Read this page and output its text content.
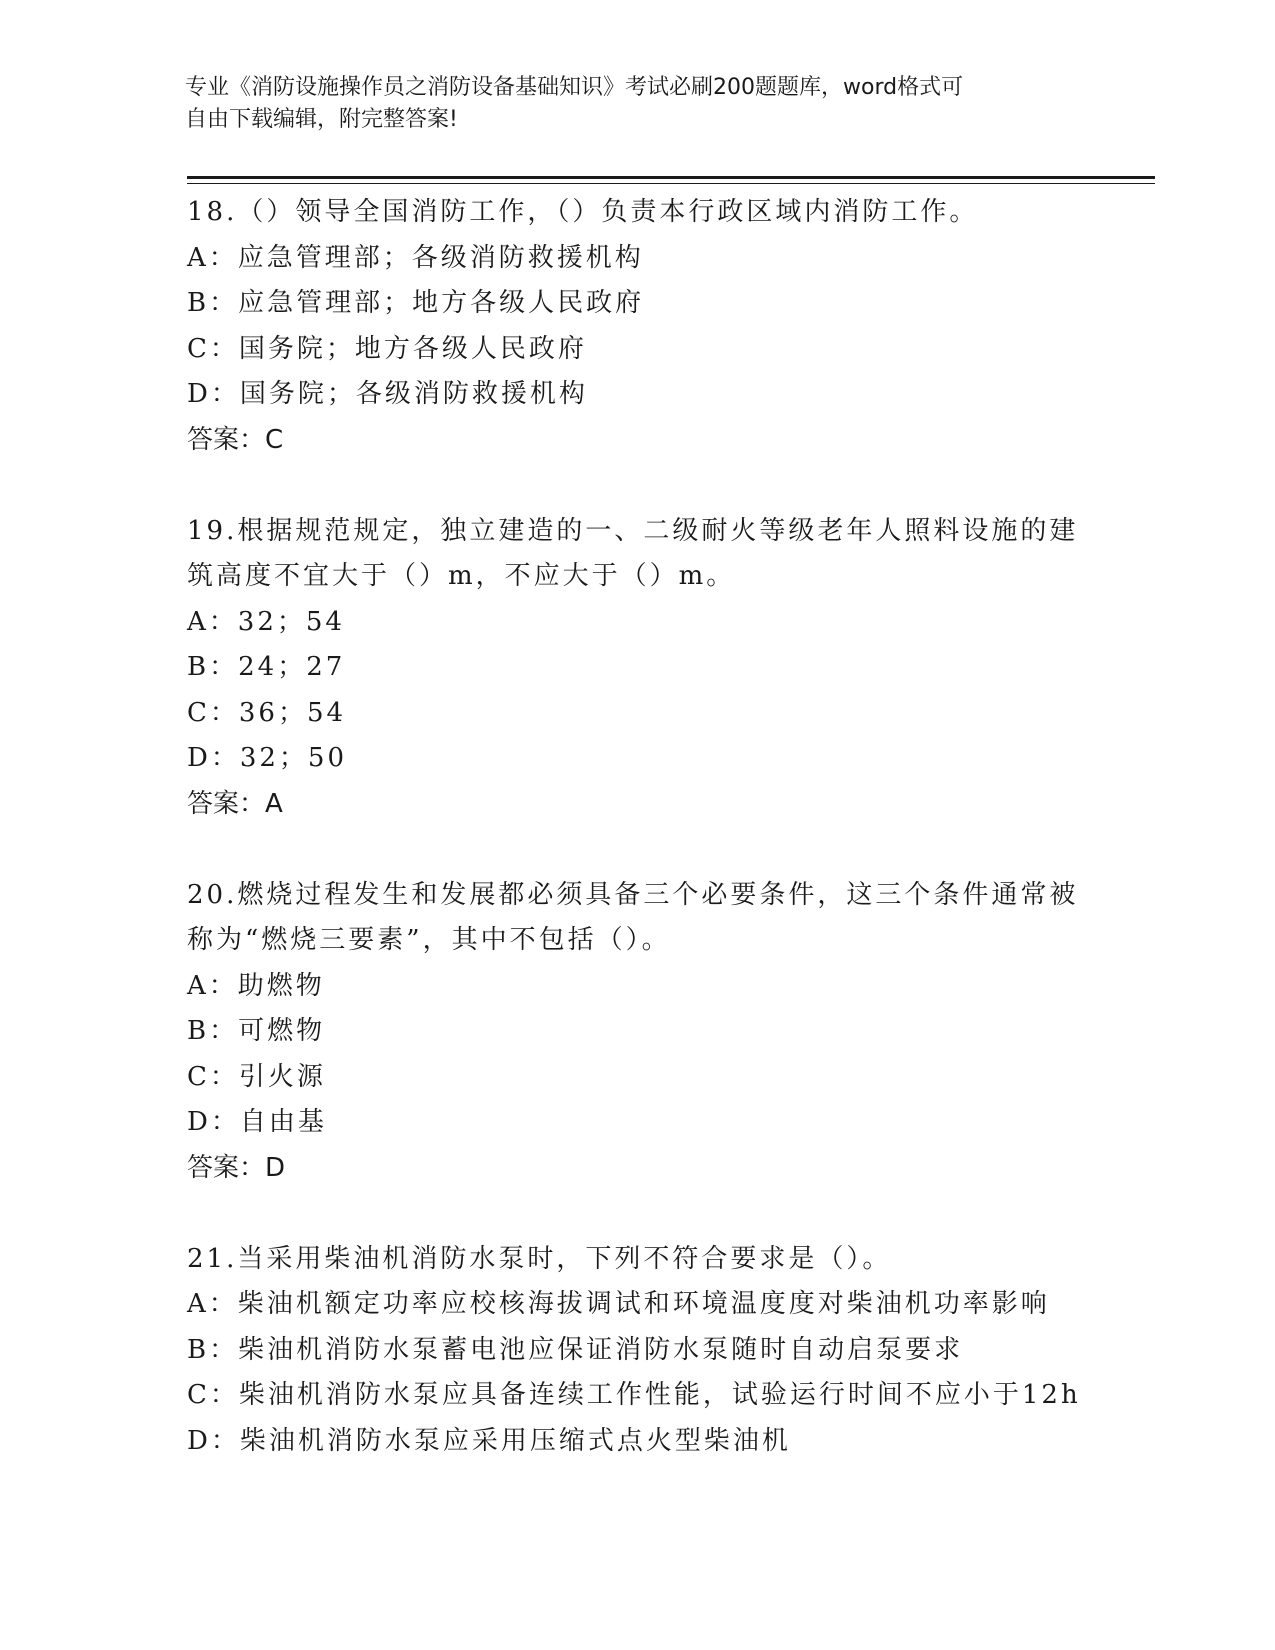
专业《消防设施操作员之消防设备基础知识》考试必刷200题题库，word格式可
自由下载编辑，附完整答案!

18.（）领导全国消防工作，（）负责本行政区域内消防工作。

A：应急管理部；各级消防救援机构

B：应急管理部；地方各级人民政府

C：国务院；地方各级人民政府

D：国务院；各级消防救援机构

答案：C

19.根据规范规定，独立建造的一、二级耐火等级老年人照料设施的建

筑高度不宜大于（）m，不应大于（）m。

A：32；54

B：24；27

C：36；54

D：32；50

答案：A

20.燃烧过程发生和发展都必须具备三个必要条件，这三个条件通常被

称为“燃烧三要素”，其中不包括（）。

A：助燃物

B：可燃物

C：引火源

D：自由基

答案：D

21.当采用柴油机消防水泵时，下列不符合要求是（）。

A：柴油机额定功率应校核海拔调试和环境温度度对柴油机功率影响

B：柴油机消防水泵蓄电池应保证消防水泵随时自动启泵要求

C：柴油机消防水泵应具备连续工作性能，试验运行时间不应小于12h

D：柴油机消防水泵应采用压缩式点火型柴油机
